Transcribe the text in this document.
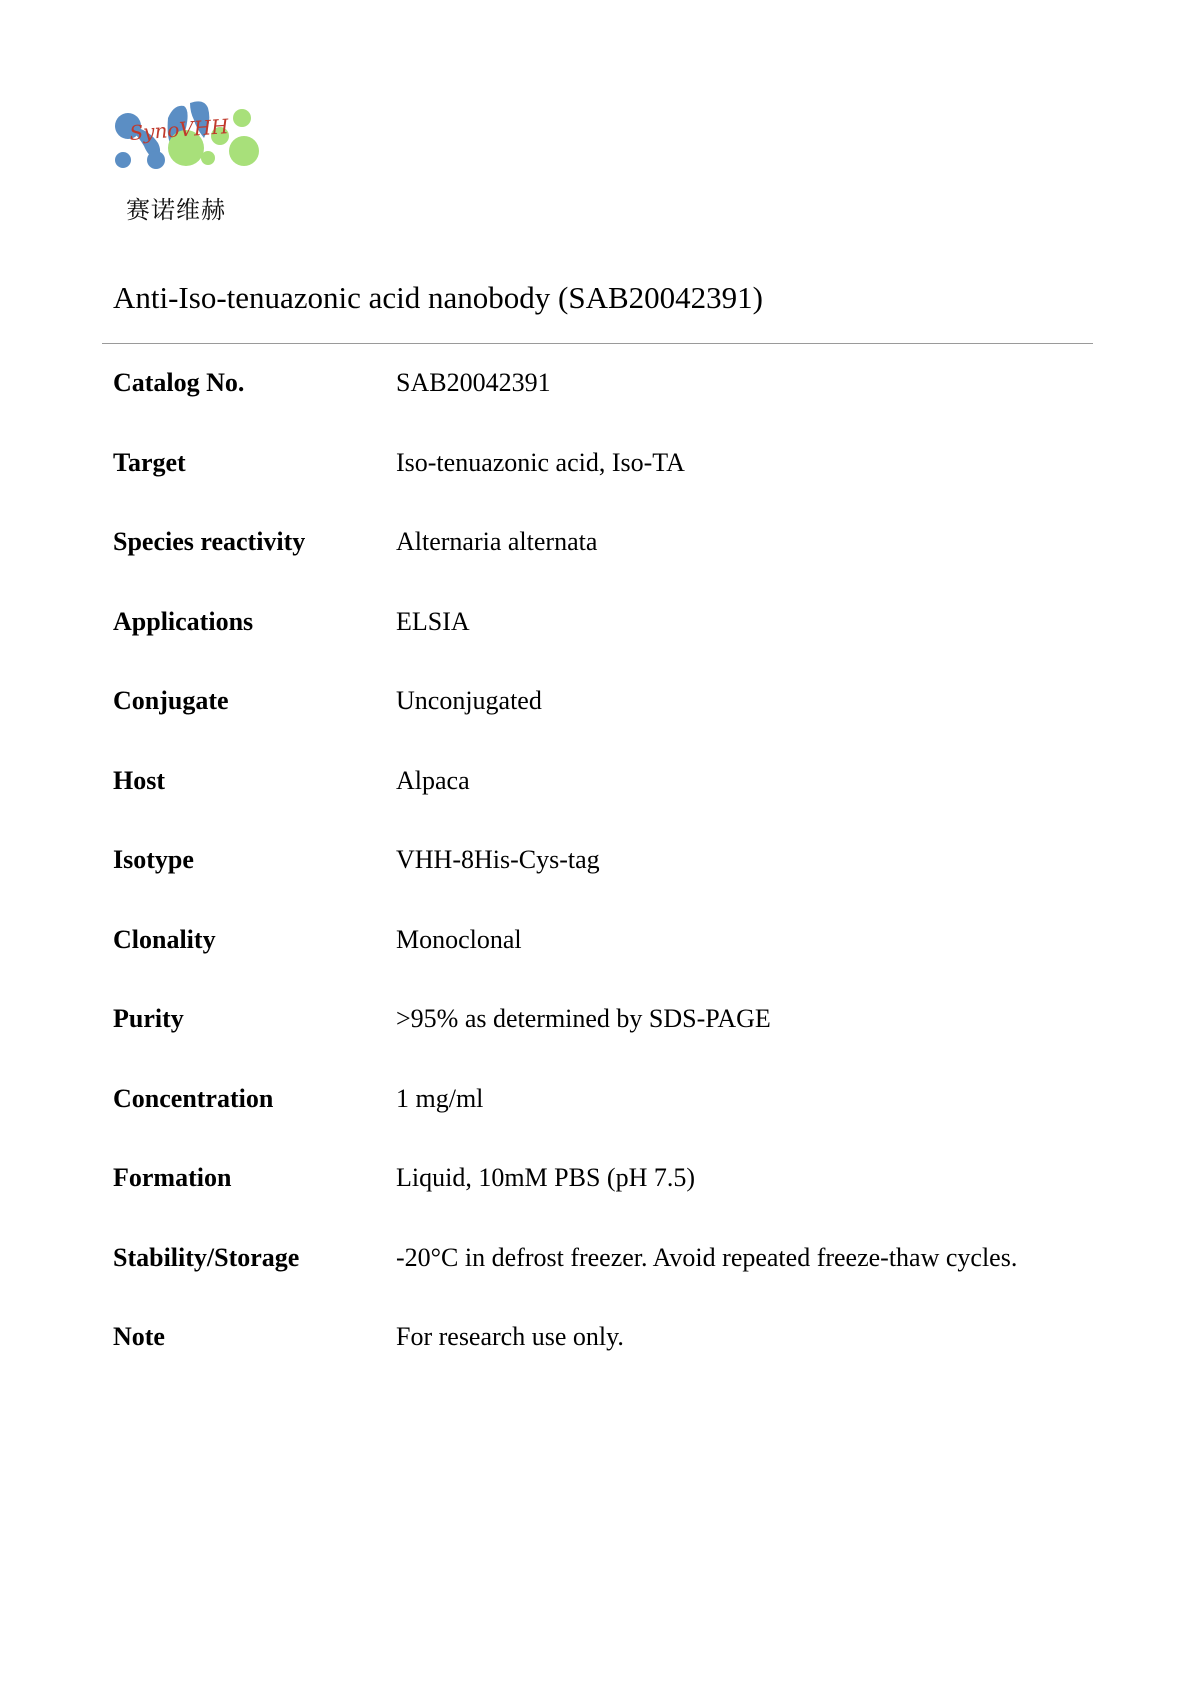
SynoVHH
赛诺维赫
Anti-Iso-tenuazonic acid nanobody (SAB20042391)
Catalog No.	SAB20042391
Target	Iso-tenuazonic acid, Iso-TA
Species reactivity	Alternaria alternata
Applications	ELSIA
Conjugate	Unconjugated
Host	Alpaca
Isotype	VHH-8His-Cys-tag
Clonality	Monoclonal
Purity	>95% as determined by SDS-PAGE
Concentration	1 mg/ml
Formation	Liquid, 10mM PBS (pH 7.5)
Stability/Storage	-20°C in defrost freezer. Avoid repeated freeze-thaw cycles.
Note	For research use only.
